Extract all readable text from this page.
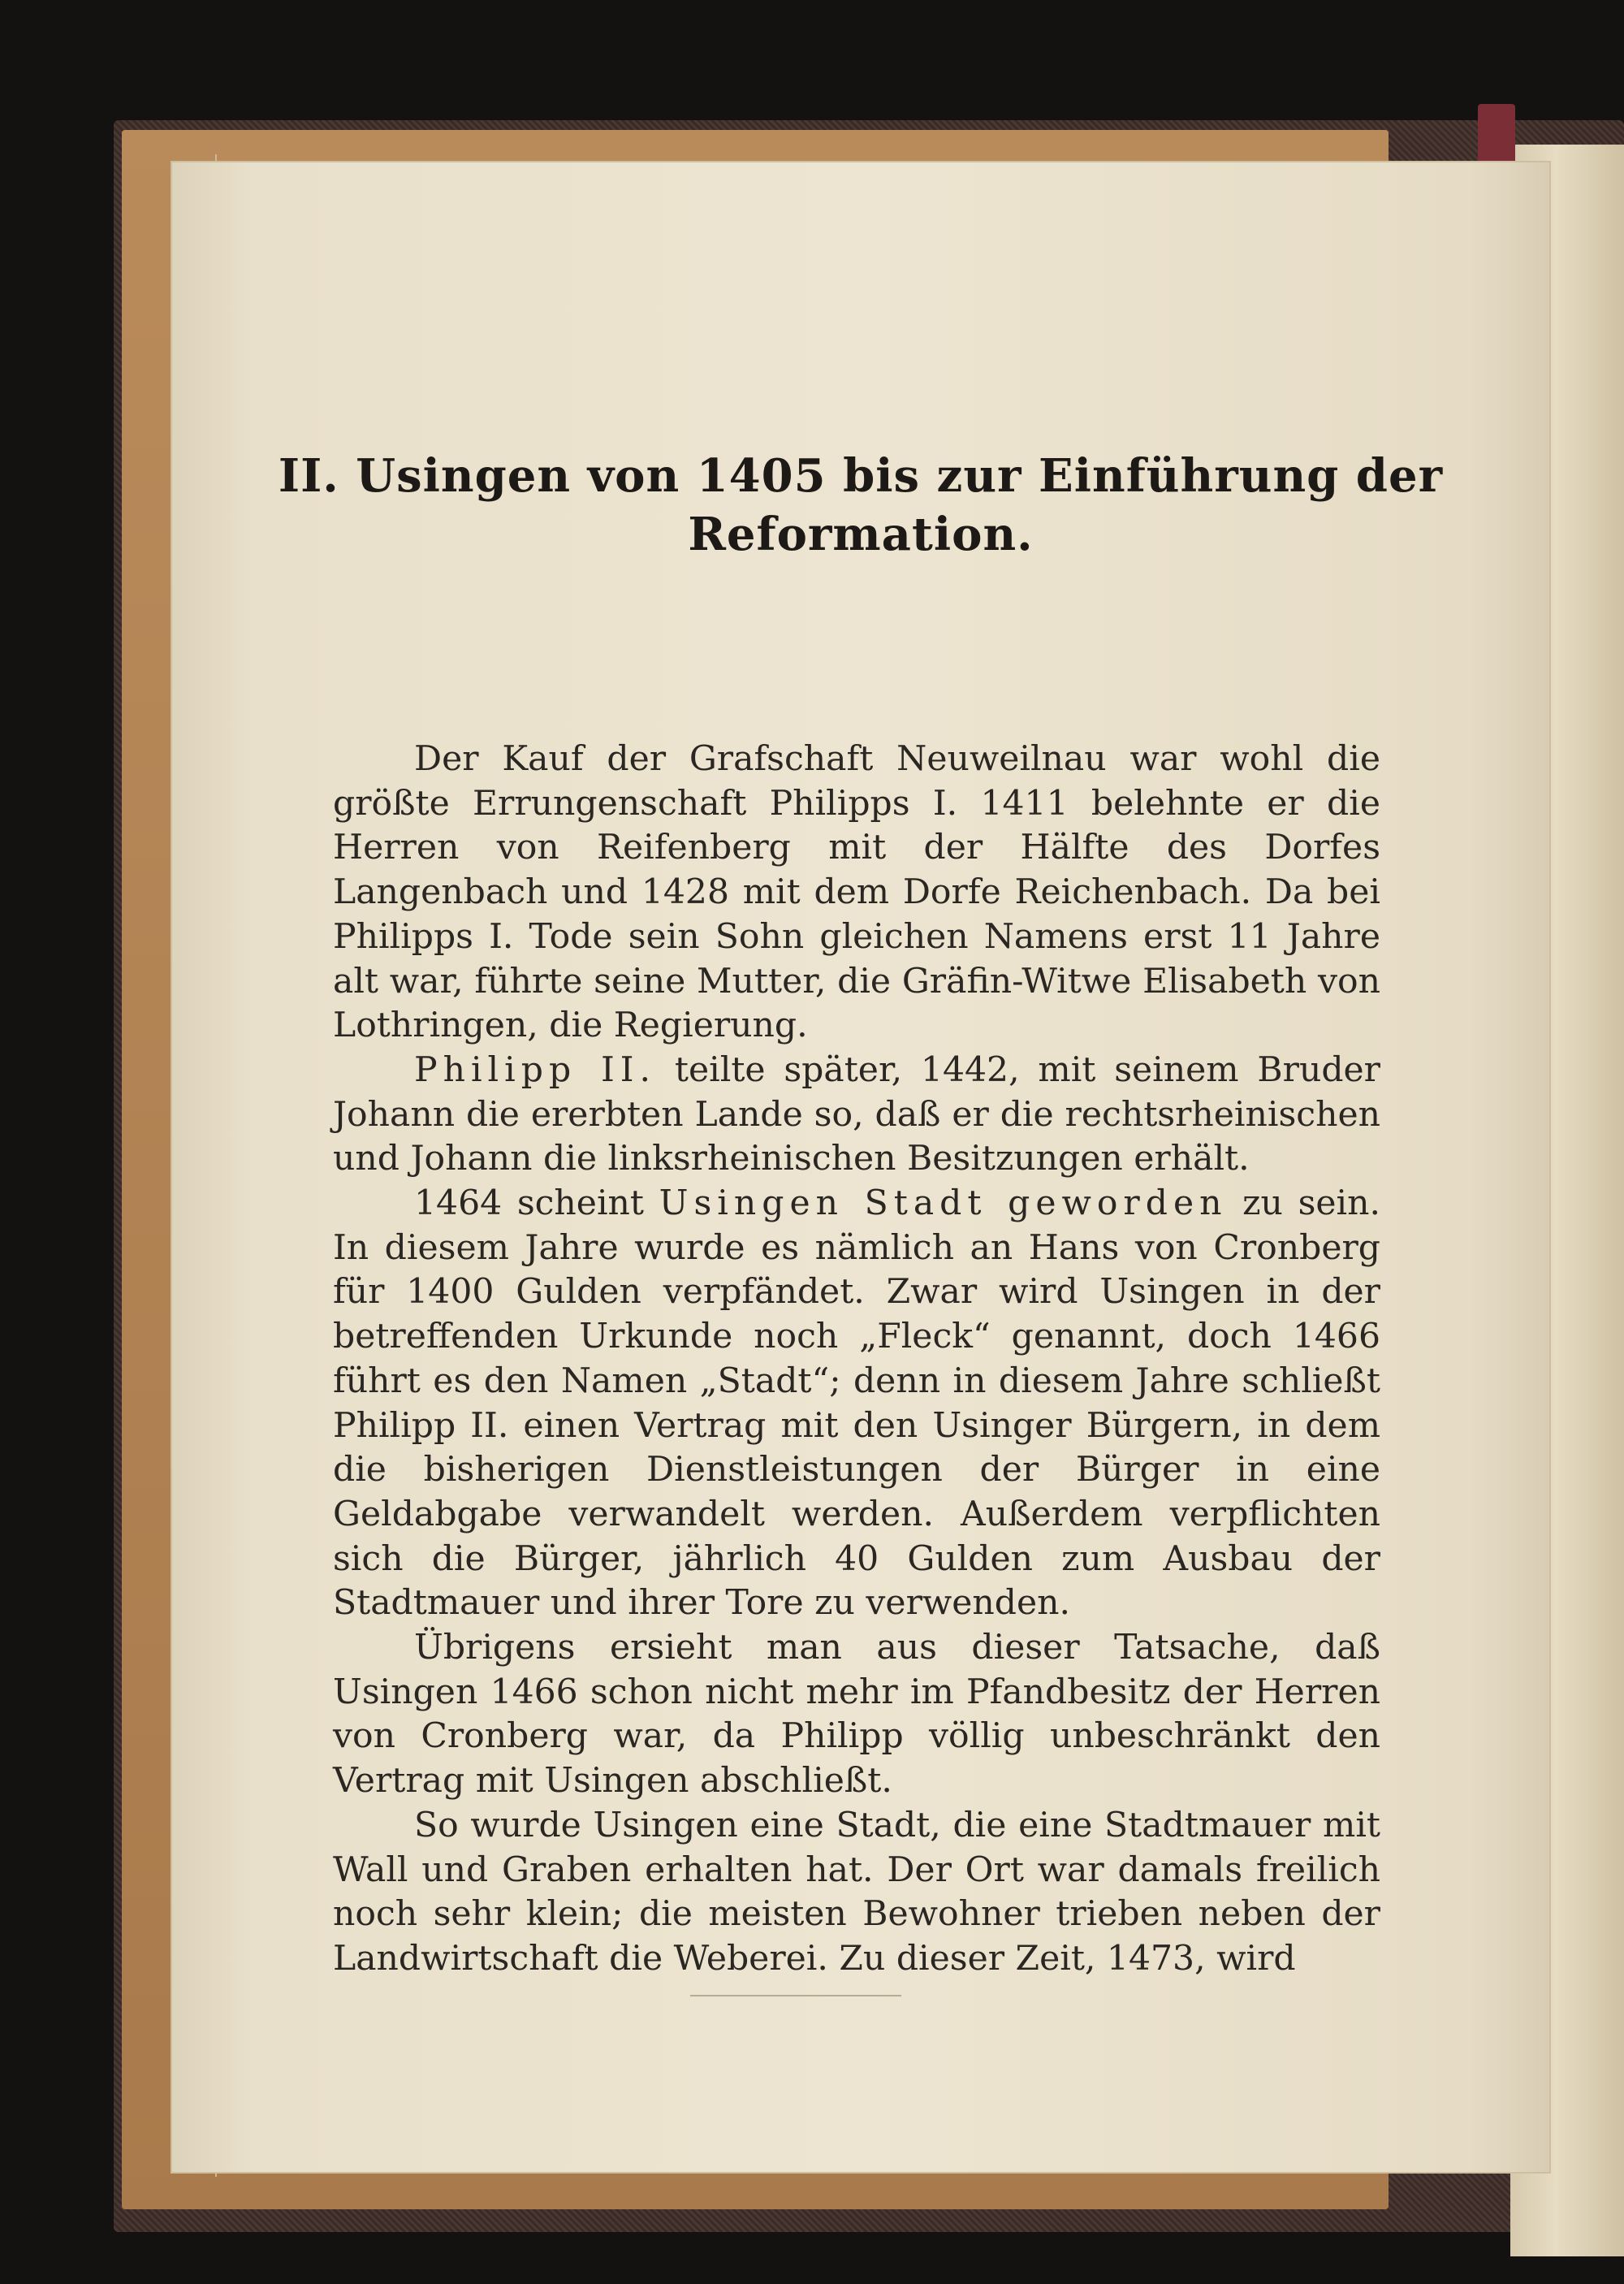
II. Usingen von 1405 bis zur Einführung der
Reformation.

Der Kauf der Grafschaft Neuweilnau war wohl die größte Errungenschaft Philipps I. 1411 belehnte er die Herren von Reifenberg mit der Hälfte des Dorfes Langenbach und 1428 mit dem Dorfe Reichenbach. Da bei Philipps I. Tode sein Sohn gleichen Namens erst 11 Jahre alt war, führte seine Mutter, die Gräfin-Witwe Elisabeth von Lothringen, die Regierung.

Philipp II. teilte später, 1442, mit seinem Bruder Johann die ererbten Lande so, daß er die rechtsrheinischen und Johann die linksrheinischen Besitzungen erhält.

1464 scheint Usingen Stadt geworden zu sein. In diesem Jahre wurde es nämlich an Hans von Cronberg für 1400 Gulden verpfändet. Zwar wird Usingen in der betreffenden Urkunde noch „Fleck“ genannt, doch 1466 führt es den Namen „Stadt“; denn in diesem Jahre schließt Philipp II. einen Vertrag mit den Usinger Bürgern, in dem die bisherigen Dienstleistungen der Bürger in eine Geldabgabe verwandelt werden. Außerdem verpflichten sich die Bürger, jährlich 40 Gulden zum Ausbau der Stadtmauer und ihrer Tore zu verwenden.

Übrigens ersieht man aus dieser Tatsache, daß Usingen 1466 schon nicht mehr im Pfandbesitz der Herren von Cronberg war, da Philipp völlig unbeschränkt den Vertrag mit Usingen abschließt.

So wurde Usingen eine Stadt, die eine Stadtmauer mit Wall und Graben erhalten hat. Der Ort war damals freilich noch sehr klein; die meisten Bewohner trieben neben der Landwirtschaft die Weberei. Zu dieser Zeit, 1473, wird
